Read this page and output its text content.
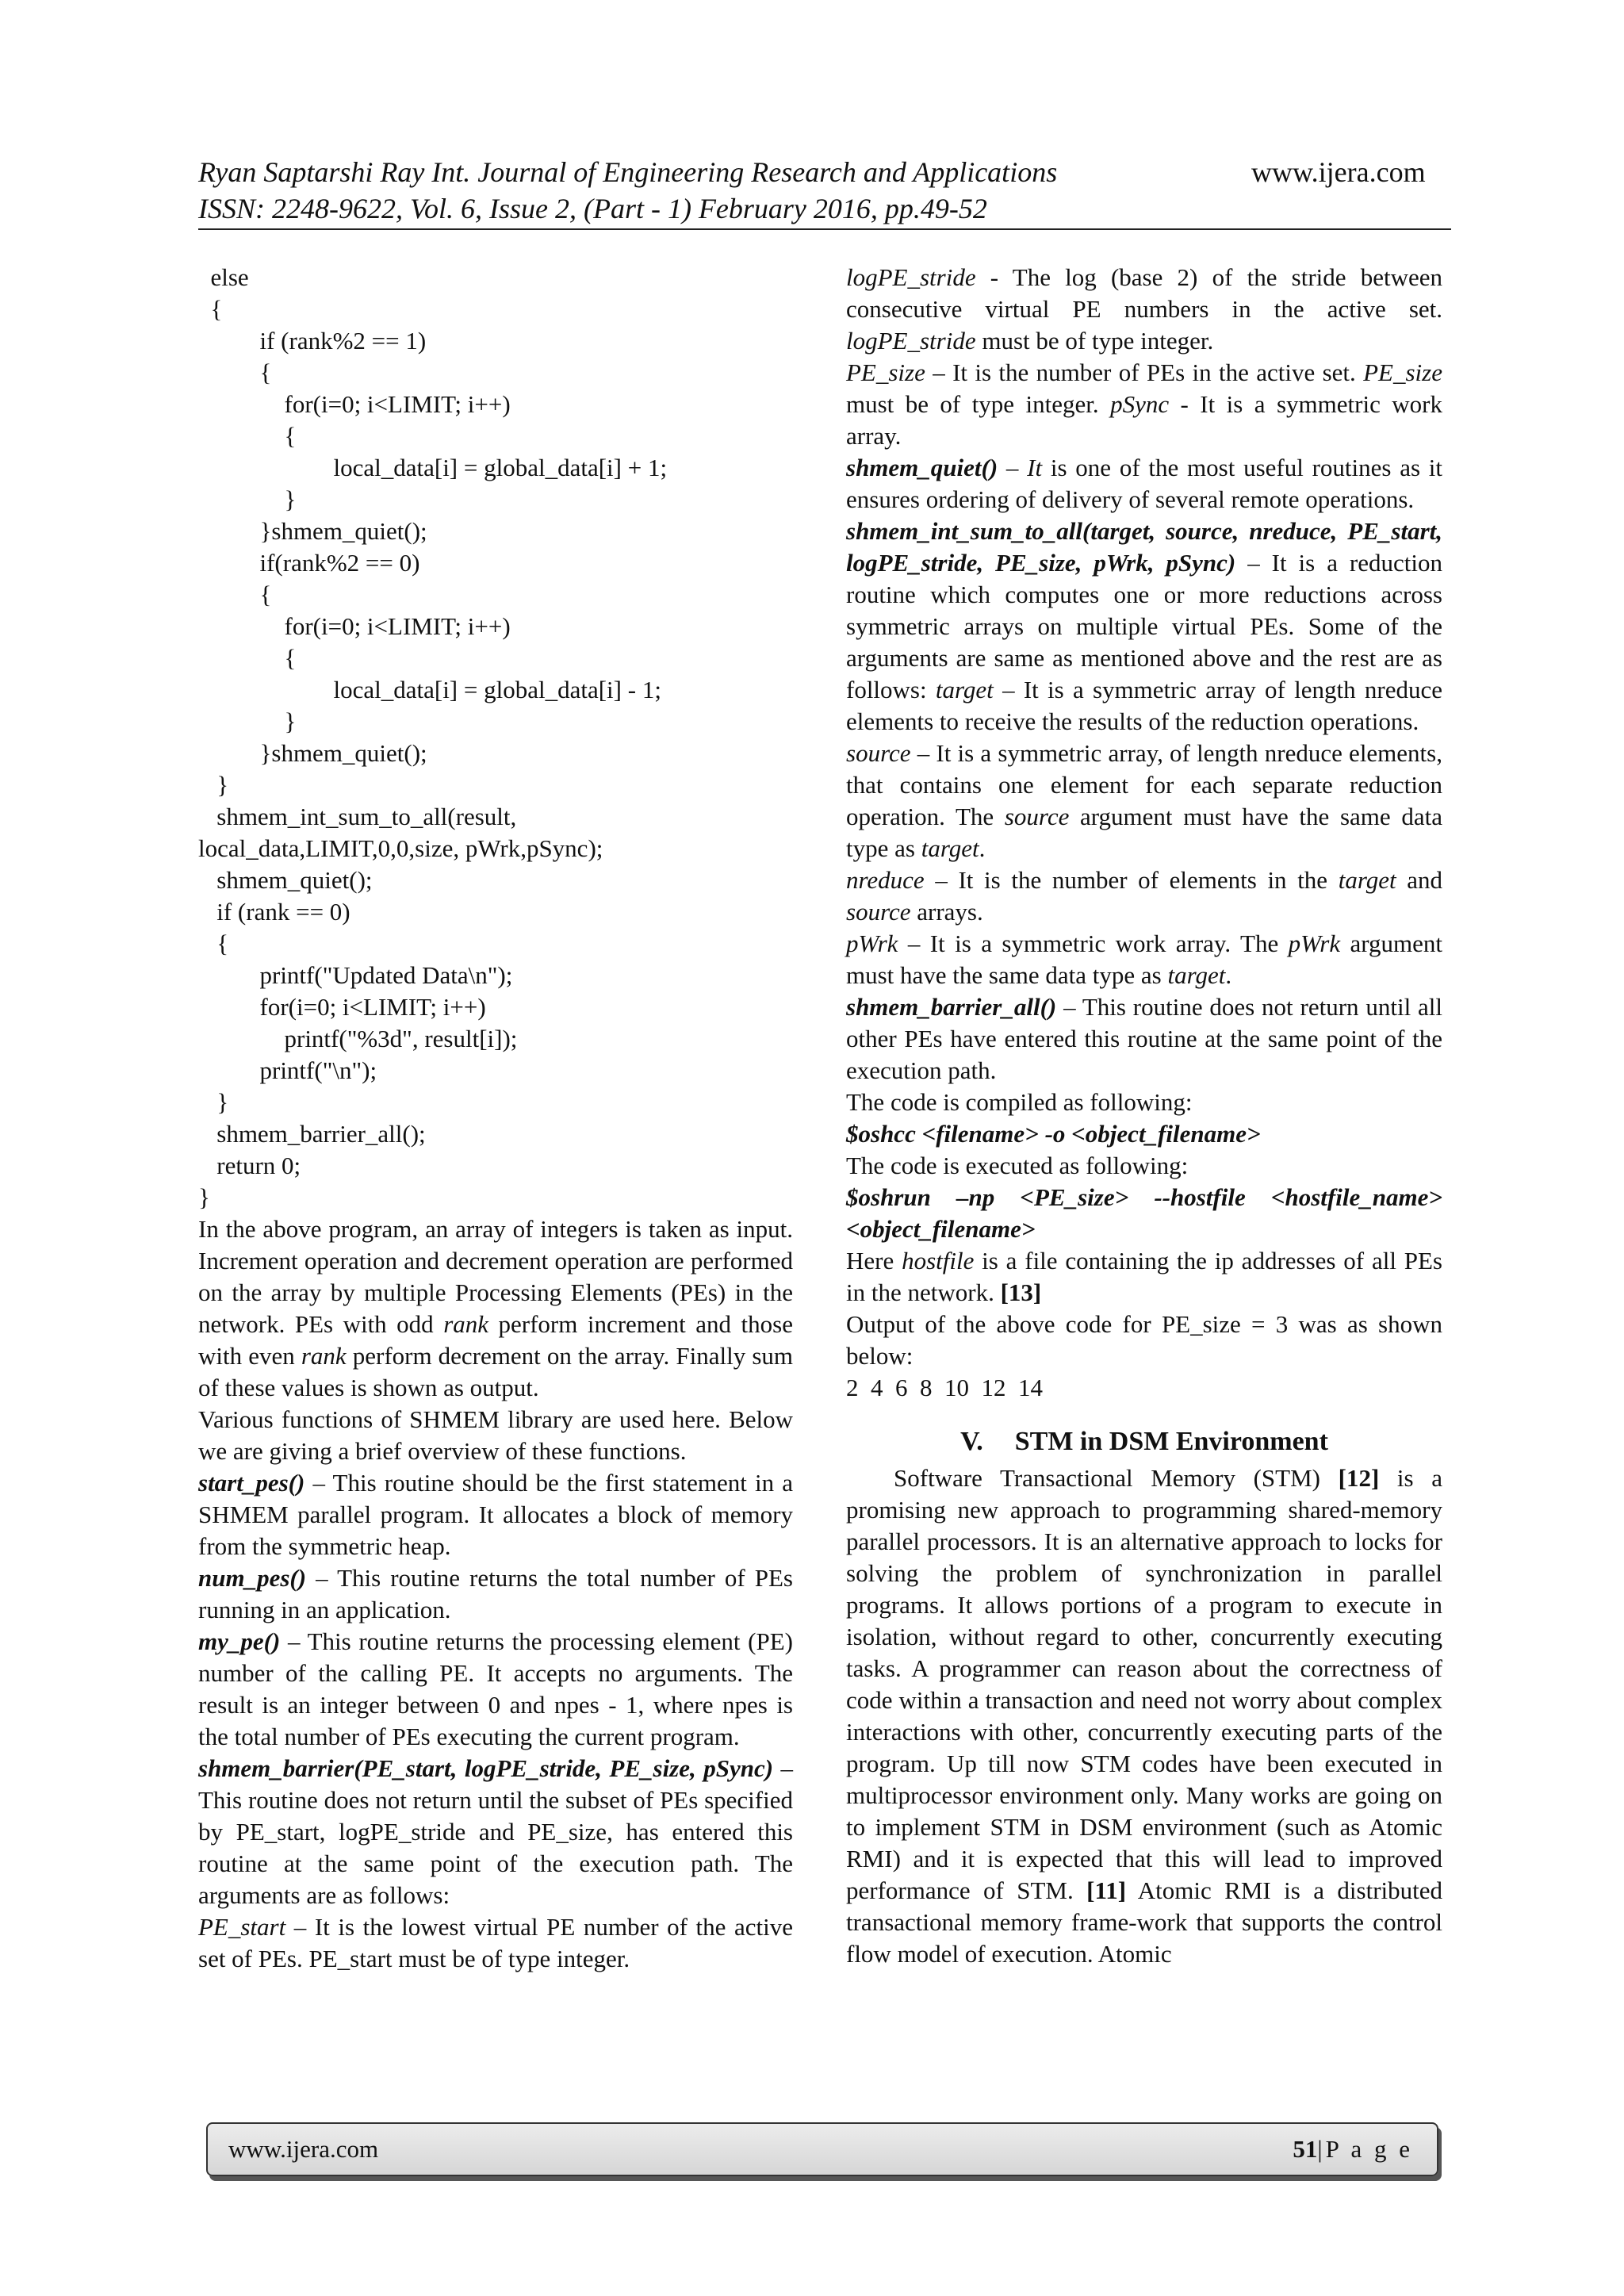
Ryan Saptarshi Ray Int. Journal of Engineering Research and Applications
ISSN: 2248-9622, Vol. 6, Issue 2, (Part - 1) February 2016, pp.49-52
www.ijera.com
else
{
if (rank%2 == 1)
{
for(i=0; i<LIMIT; i++)
{
local_data[i] = global_data[i] + 1;
}
}shmem_quiet();
if(rank%2 == 0)
{
for(i=0; i<LIMIT; i++)
{
local_data[i] = global_data[i] - 1;
}
}shmem_quiet();
}
shmem_int_sum_to_all(result,
local_data,LIMIT,0,0,size, pWrk,pSync);
shmem_quiet();
if (rank == 0)
{
printf("Updated Data\n");
for(i=0; i<LIMIT; i++)
printf("%3d", result[i]);
printf("\n");
}
shmem_barrier_all();
return 0;
}
In the above program, an array of integers is taken as input. Increment operation and decrement operation are performed on the array by multiple Processing Elements (PEs) in the network. PEs with odd rank perform increment and those with even rank perform decrement on the array. Finally sum of these values is shown as output.
Various functions of SHMEM library are used here. Below we are giving a brief overview of these functions.
start_pes() – This routine should be the first statement in a SHMEM parallel program. It allocates a block of memory from the symmetric heap.
num_pes() – This routine returns the total number of PEs running in an application.
my_pe() – This routine returns the processing element (PE) number of the calling PE. It accepts no arguments. The result is an integer between 0 and npes - 1, where npes is the total number of PEs executing the current program.
shmem_barrier(PE_start, logPE_stride, PE_size, pSync) – This routine does not return until the subset of PEs specified by PE_start, logPE_stride and PE_size, has entered this routine at the same point of the execution path. The arguments are as follows:
PE_start – It is the lowest virtual PE number of the active set of PEs. PE_start must be of type integer.
logPE_stride - The log (base 2) of the stride between consecutive virtual PE numbers in the active set. logPE_stride must be of type integer.
PE_size – It is the number of PEs in the active set. PE_size must be of type integer. pSync - It is a symmetric work array.
shmem_quiet() – It is one of the most useful routines as it ensures ordering of delivery of several remote operations.
shmem_int_sum_to_all(target, source, nreduce, PE_start, logPE_stride, PE_size, pWrk, pSync) – It is a reduction routine which computes one or more reductions across symmetric arrays on multiple virtual PEs. Some of the arguments are same as mentioned above and the rest are as follows: target – It is a symmetric array of length nreduce elements to receive the results of the reduction operations.
source – It is a symmetric array, of length nreduce elements, that contains one element for each separate reduction operation. The source argument must have the same data type as target.
nreduce – It is the number of elements in the target and source arrays.
pWrk – It is a symmetric work array. The pWrk argument must have the same data type as target.
shmem_barrier_all() – This routine does not return until all other PEs have entered this routine at the same point of the execution path.
The code is compiled as following:
$oshcc <filename> -o <object_filename>
The code is executed as following:
$oshrun –np <PE_size> --hostfile <hostfile_name> <object_filename>
Here hostfile is a file containing the ip addresses of all PEs in the network. [13]
Output of the above code for PE_size = 3 was as shown below:
2  4  6  8  10  12  14
V. STM in DSM Environment
Software Transactional Memory (STM) [12] is a promising new approach to programming shared-memory parallel processors. It is an alternative approach to locks for solving the problem of synchronization in parallel programs. It allows portions of a program to execute in isolation, without regard to other, concurrently executing tasks. A programmer can reason about the correctness of code within a transaction and need not worry about complex interactions with other, concurrently executing parts of the program. Up till now STM codes have been executed in multiprocessor environment only. Many works are going on to implement STM in DSM environment (such as Atomic RMI) and it is expected that this will lead to improved performance of STM. [11] Atomic RMI is a distributed transactional memory frame-work that supports the control flow model of execution. Atomic
www.ijera.com	51|P a g e
